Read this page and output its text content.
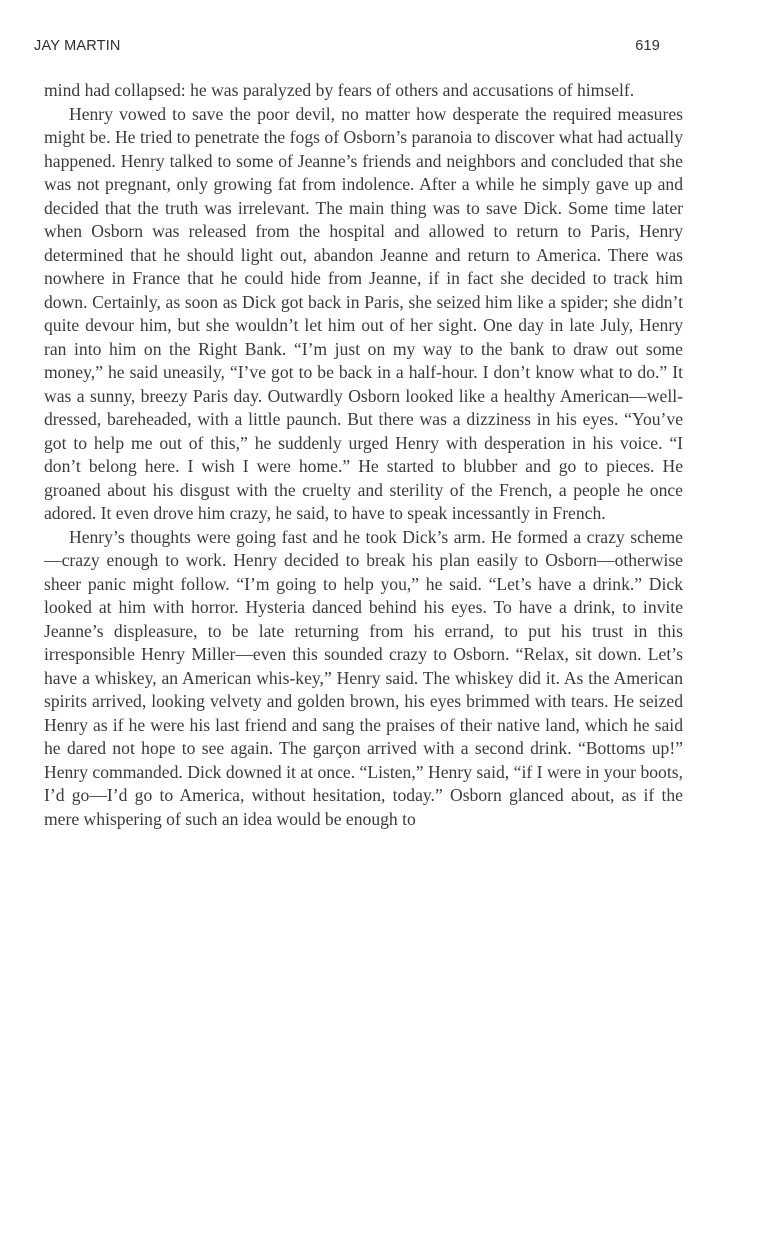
JAY MARTIN	619

mind had collapsed: he was paralyzed by fears of others and accusations of himself.

Henry vowed to save the poor devil, no matter how desperate the required measures might be. He tried to penetrate the fogs of Osborn’s paranoia to discover what had actually happened. Henry talked to some of Jeanne’s friends and neighbors and concluded that she was not pregnant, only growing fat from indolence. After a while he simply gave up and decided that the truth was irrelevant. The main thing was to save Dick. Some time later when Osborn was released from the hospital and allowed to return to Paris, Henry determined that he should light out, abandon Jeanne and return to America. There was nowhere in France that he could hide from Jeanne, if in fact she decided to track him down. Certainly, as soon as Dick got back in Paris, she seized him like a spider; she didn’t quite devour him, but she wouldn’t let him out of her sight. One day in late July, Henry ran into him on the Right Bank. “I’m just on my way to the bank to draw out some money,” he said uneasily, “I’ve got to be back in a half-hour. I don’t know what to do.” It was a sunny, breezy Paris day. Outwardly Osborn looked like a healthy American—well-dressed, bareheaded, with a little paunch. But there was a dizziness in his eyes. “You’ve got to help me out of this,” he suddenly urged Henry with desperation in his voice. “I don’t belong here. I wish I were home.” He started to blubber and go to pieces. He groaned about his disgust with the cruelty and sterility of the French, a people he once adored. It even drove him crazy, he said, to have to speak incessantly in French.

Henry’s thoughts were going fast and he took Dick’s arm. He formed a crazy scheme—crazy enough to work. Henry decided to break his plan easily to Osborn—otherwise sheer panic might follow. “I’m going to help you,” he said. “Let’s have a drink.” Dick looked at him with horror. Hysteria danced behind his eyes. To have a drink, to invite Jeanne’s displeasure, to be late returning from his errand, to put his trust in this irresponsible Henry Miller—even this sounded crazy to Osborn. “Relax, sit down. Let’s have a whiskey, an American whis-key,” Henry said. The whiskey did it. As the American spirits arrived, looking velvety and golden brown, his eyes brimmed with tears. He seized Henry as if he were his last friend and sang the praises of their native land, which he said he dared not hope to see again. The garçon arrived with a second drink. “Bottoms up!” Henry commanded. Dick downed it at once. “Listen,” Henry said, “if I were in your boots, I’d go—I’d go to America, without hesitation, today.” Osborn glanced about, as if the mere whispering of such an idea would be enough to
